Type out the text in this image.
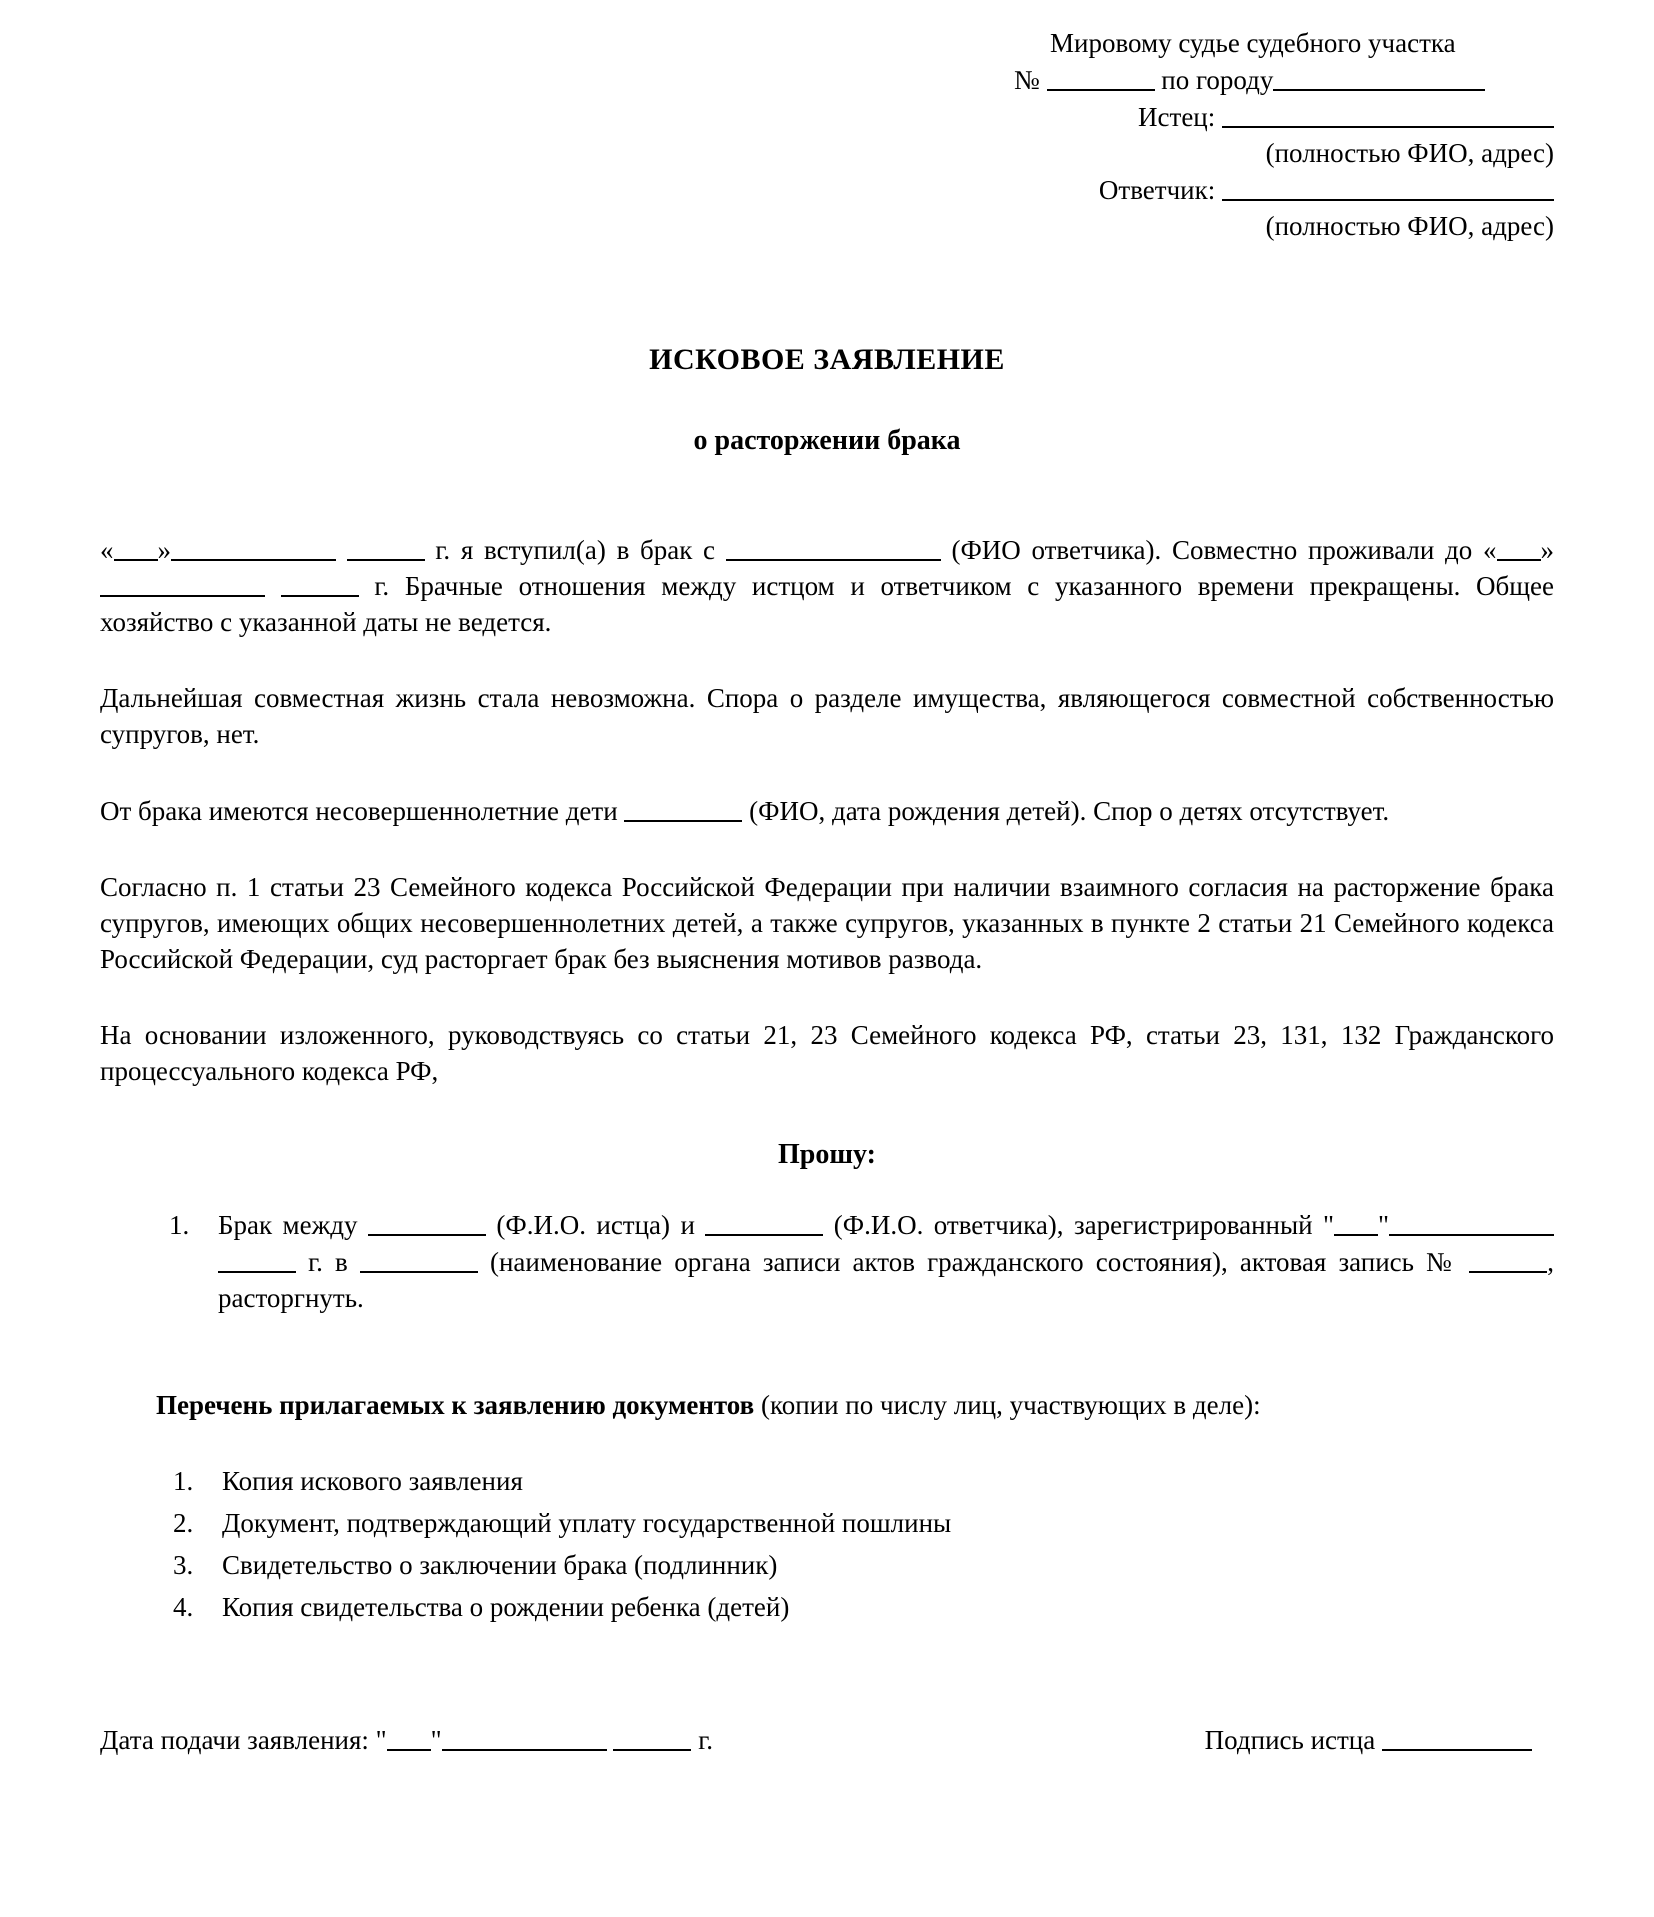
Мировому судье судебного участка
№	по городу
Истец:
(полностью ФИО, адрес)
Ответчик:
(полностью ФИО, адрес)
ИСКОВОЕ ЗАЯВЛЕНИЕ
о расторжении брака

« »	г. я вступил(а) в брак с	(ФИО ответчика). Совместно проживали до « »  г. Брачные отношения между истцом и ответчиком с указанного времени прекращены. Общее хозяйство с указанной даты не ведется.

Дальнейшая совместная жизнь стала невозможна. Спора о разделе имущества, являющегося совместной собственностью супругов, нет.

От брака имеются несовершеннолетние дети	(ФИО, дата рождения детей). Спор о детях отсутствует.

Согласно п. 1 статьи 23 Семейного кодекса Российской Федерации при наличии взаимного согласия на расторжение брака супругов, имеющих общих несовершеннолетних детей, а также супругов, указанных в пункте 2 статьи 21 Семейного кодекса Российской Федерации, суд расторгает брак без выяснения мотивов развода.

На основании изложенного, руководствуясь со статьи 21, 23 Семейного кодекса РФ, статьи 23, 131, 132 Гражданского процессуального кодекса РФ,

Прошу:
1. Брак между	(Ф.И.О. истца) и	(Ф.И.О. ответчика), зарегистрированный " "  г. в	(наименование органа записи актов гражданского состояния), актовая запись №	, расторгнуть.

Перечень прилагаемых к заявлению документов (копии по числу лиц, участвующих в деле):

1. Копия искового заявления
2. Документ, подтверждающий уплату государственной пошлины
3. Свидетельство о заключении брака (подлинник)
4. Копия свидетельства о рождении ребенка (детей)
Дата подачи заявления: " "	г.	Подпись истца
